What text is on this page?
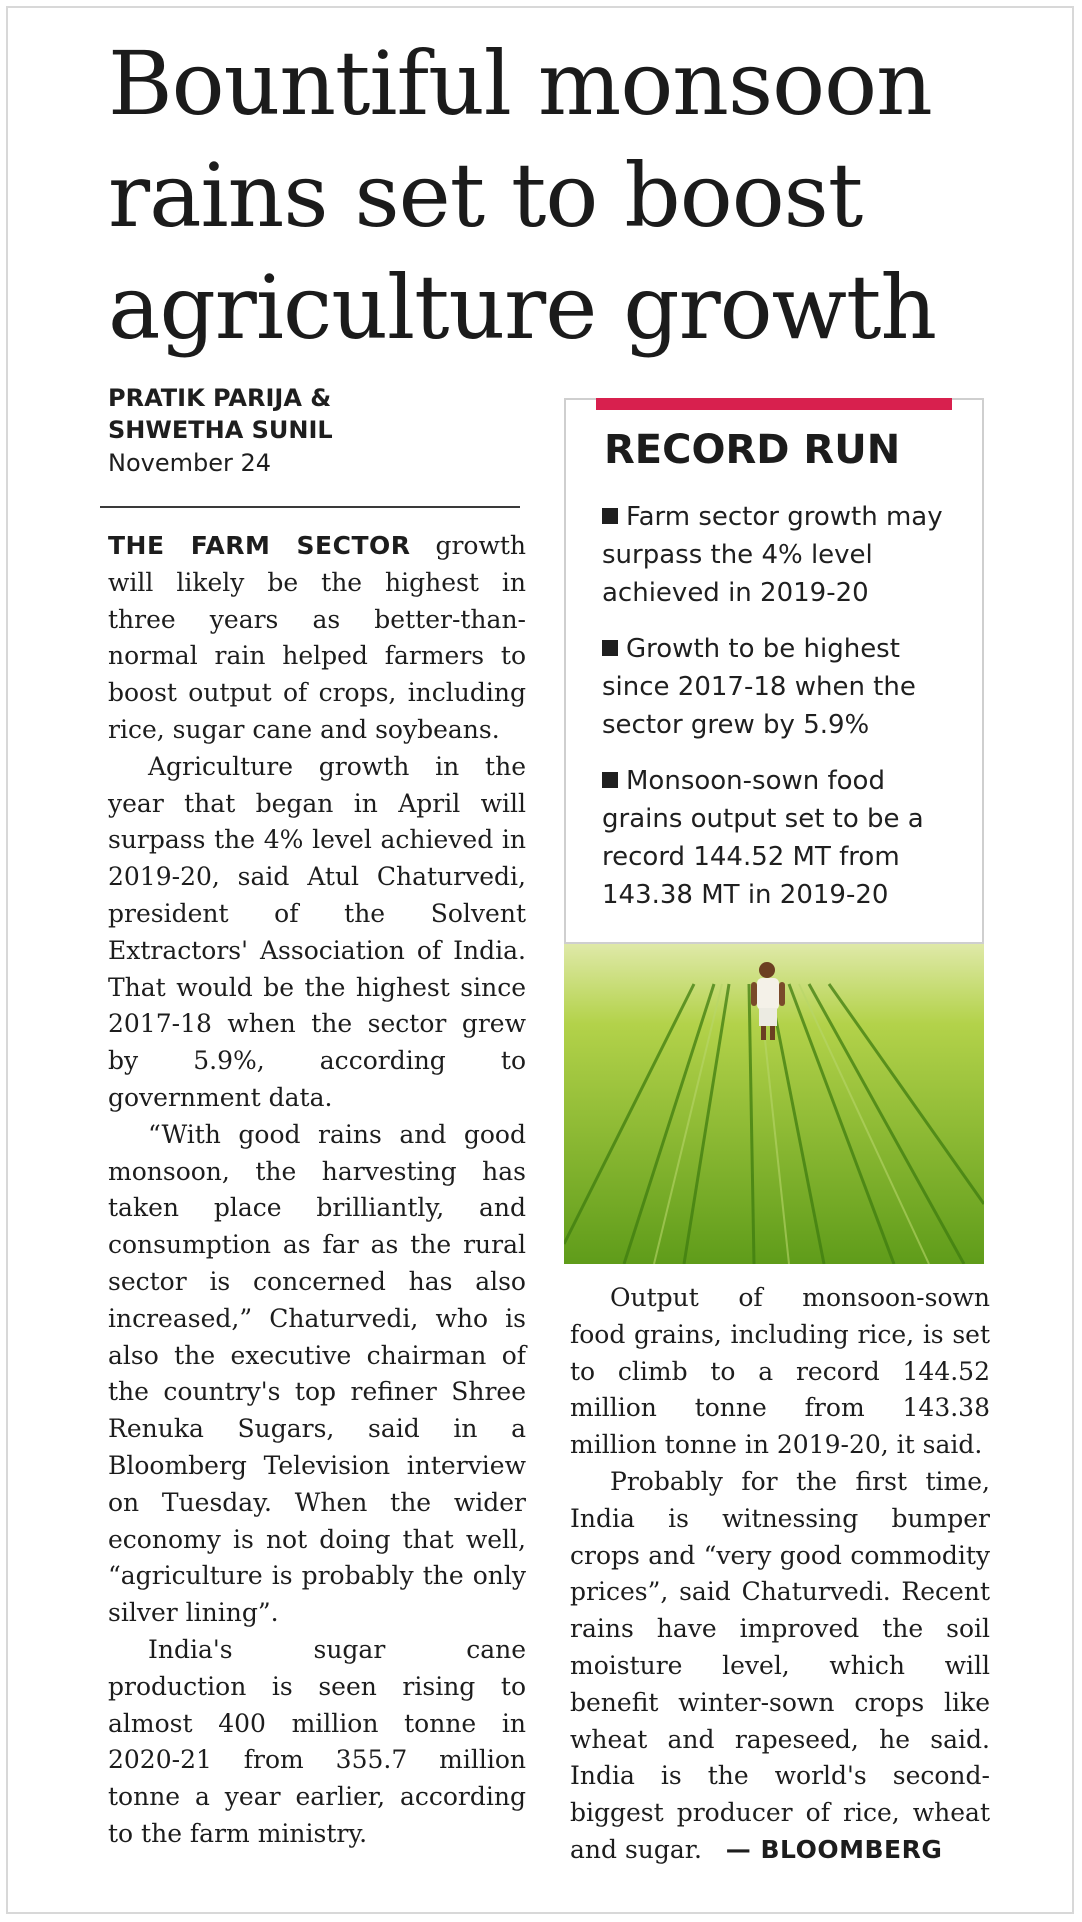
Bountiful monsoon
rains set to boost
agriculture growth
PRATIK PARIJA &
SHWETHA SUNIL
November 24

THE FARM SECTOR growth will likely be the highest in three years as better-than-normal rain helped farmers to boost output of crops, including rice, sugar cane and soybeans.

Agriculture growth in the year that began in April will surpass the 4% level achieved in 2019-20, said Atul Chaturvedi, president of the Solvent Extractors' Association of India. That would be the highest since 2017-18 when the sector grew by 5.9%, according to government data.

“With good rains and good monsoon, the harvesting has taken place brilliantly, and consumption as far as the rural sector is concerned has also increased,” Chaturvedi, who is also the executive chairman of the country's top refiner Shree Renuka Sugars, said in a Bloomberg Television interview on Tuesday. When the wider economy is not doing that well, “agriculture is probably the only silver lining”.

India's sugar cane production is seen rising to almost 400 million tonne in 2020-21 from 355.7 million tonne a year earlier, according to the farm ministry.

RECORD RUN
Farm sector growth may surpass the 4% level achieved in 2019-20
Growth to be highest since 2017-18 when the sector grew by 5.9%
Monsoon-sown food grains output set to be a record 144.52 MT from 143.38 MT in 2019-20

Output of monsoon-sown food grains, including rice, is set to climb to a record 144.52 million tonne from 143.38 million tonne in 2019-20, it said.

Probably for the first time, India is witnessing bumper crops and “very good commodity prices”, said Chaturvedi. Recent rains have improved the soil moisture level, which will benefit winter-sown crops like wheat and rapeseed, he said. India is the world's second-biggest producer of rice, wheat and sugar. — BLOOMBERG
